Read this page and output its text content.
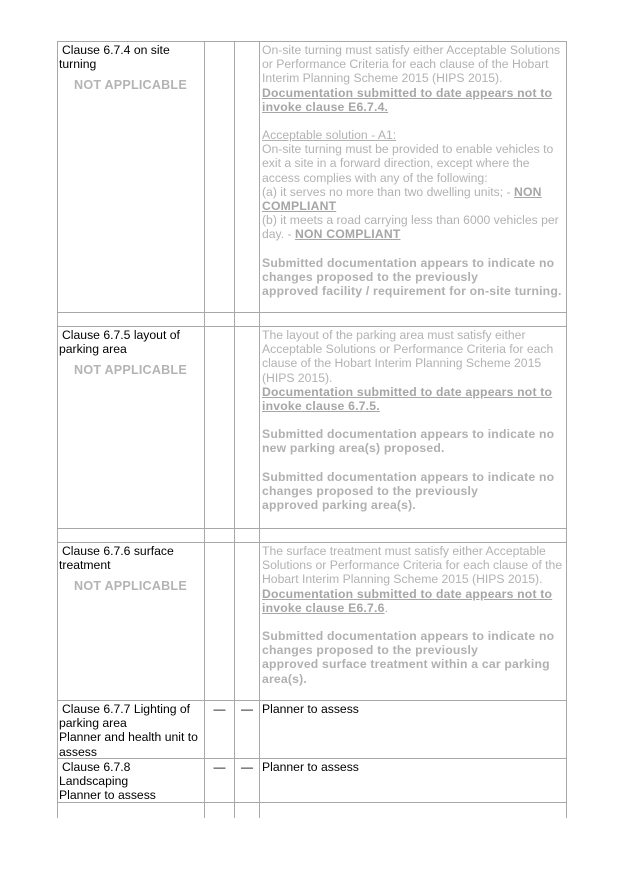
Clause 6.7.4 on site
turning
NOT APPLICABLE
On-site turning must satisfy either Acceptable Solutions or Performance Criteria for each clause of the Hobart Interim Planning Scheme 2015 (HIPS 2015).
Documentation submitted to date appears not to invoke clause E6.7.4.
Acceptable solution - A1:
On-site turning must be provided to enable vehicles to exit a site in a forward direction, except where the access complies with any of the following:
(a) it serves no more than two dwelling units; - NON COMPLIANT
(b) it meets a road carrying less than 6000 vehicles per day. - NON COMPLIANT
Submitted documentation appears to indicate no
changes proposed to the previously
approved facility / requirement for on-site turning.
Clause 6.7.5 layout of
parking area
NOT APPLICABLE
The layout of the parking area must satisfy either Acceptable Solutions or Performance Criteria for each clause of the Hobart Interim Planning Scheme 2015 (HIPS 2015).
Documentation submitted to date appears not to invoke clause 6.7.5.
Submitted documentation appears to indicate no
new parking area(s) proposed.
Submitted documentation appears to indicate no
changes proposed to the previously
approved parking area(s).
Clause 6.7.6 surface
treatment
NOT APPLICABLE
The surface treatment must satisfy either Acceptable Solutions or Performance Criteria for each clause of the Hobart Interim Planning Scheme 2015 (HIPS 2015).
Documentation submitted to date appears not to invoke clause E6.7.6.
Submitted documentation appears to indicate no
changes proposed to the previously
approved surface treatment within a car parking area(s).
Clause 6.7.7 Lighting of
parking area
Planner and health unit to assess
—	— Planner to assess
Clause 6.7.8
Landscaping
Planner to assess
—	— Planner to assess
